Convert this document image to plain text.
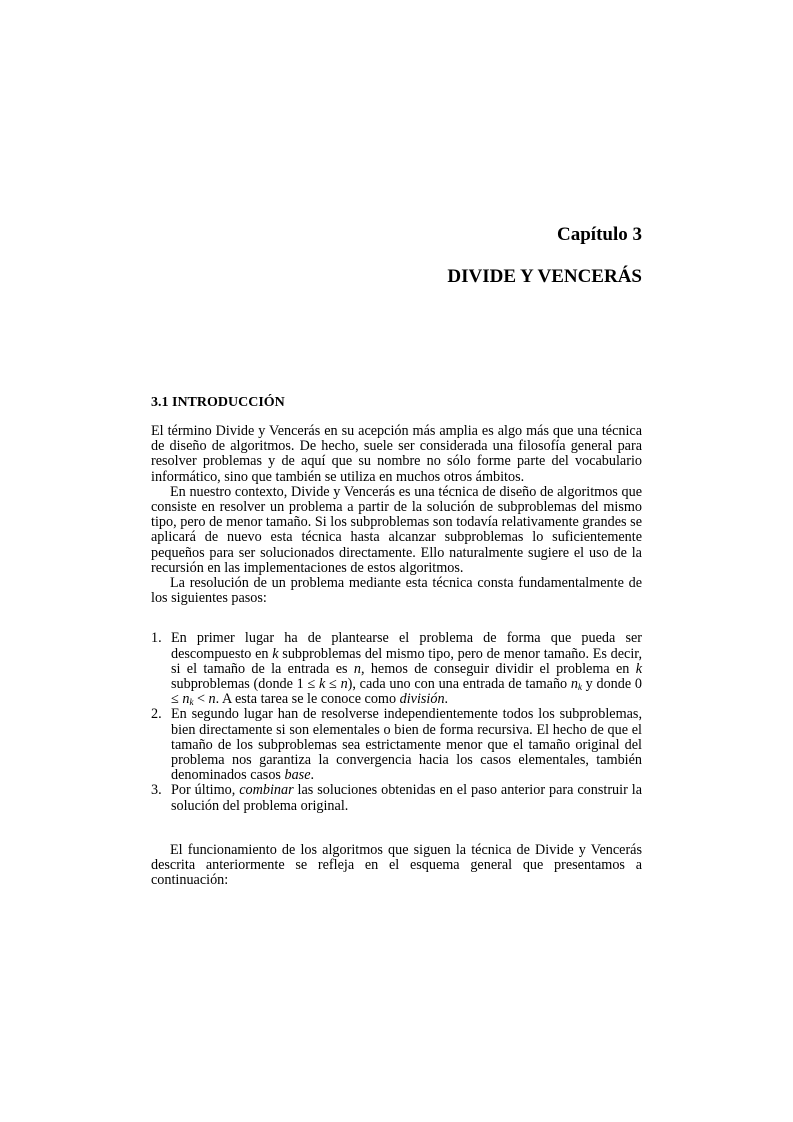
Capítulo 3
DIVIDE Y VENCERÁS
3.1 INTRODUCCIÓN

El término Divide y Vencerás en su acepción más amplia es algo más que una técnica de diseño de algoritmos. De hecho, suele ser considerada una filosofía general para resolver problemas y de aquí que su nombre no sólo forme parte del vocabulario informático, sino que también se utiliza en muchos otros ámbitos.

En nuestro contexto, Divide y Vencerás es una técnica de diseño de algoritmos que consiste en resolver un problema a partir de la solución de subproblemas del mismo tipo, pero de menor tamaño. Si los subproblemas son todavía relativamente grandes se aplicará de nuevo esta técnica hasta alcanzar subproblemas lo suficientemente pequeños para ser solucionados directamente. Ello naturalmente sugiere el uso de la recursión en las implementaciones de estos algoritmos.

La resolución de un problema mediante esta técnica consta fundamentalmente de los siguientes pasos:

1. En primer lugar ha de plantearse el problema de forma que pueda ser descompuesto en k subproblemas del mismo tipo, pero de menor tamaño. Es decir, si el tamaño de la entrada es n, hemos de conseguir dividir el problema en k subproblemas (donde 1 ≤ k ≤ n), cada uno con una entrada de tamaño $n_k$ y donde $0 \le n_k < n$. A esta tarea se le conoce como división.
2. En segundo lugar han de resolverse independientemente todos los subproblemas, bien directamente si son elementales o bien de forma recursiva. El hecho de que el tamaño de los subproblemas sea estrictamente menor que el tamaño original del problema nos garantiza la convergencia hacia los casos elementales, también denominados casos base.
3. Por último, combinar las soluciones obtenidas en el paso anterior para construir la solución del problema original.

El funcionamiento de los algoritmos que siguen la técnica de Divide y Vencerás descrita anteriormente se refleja en el esquema general que presentamos a continuación:
